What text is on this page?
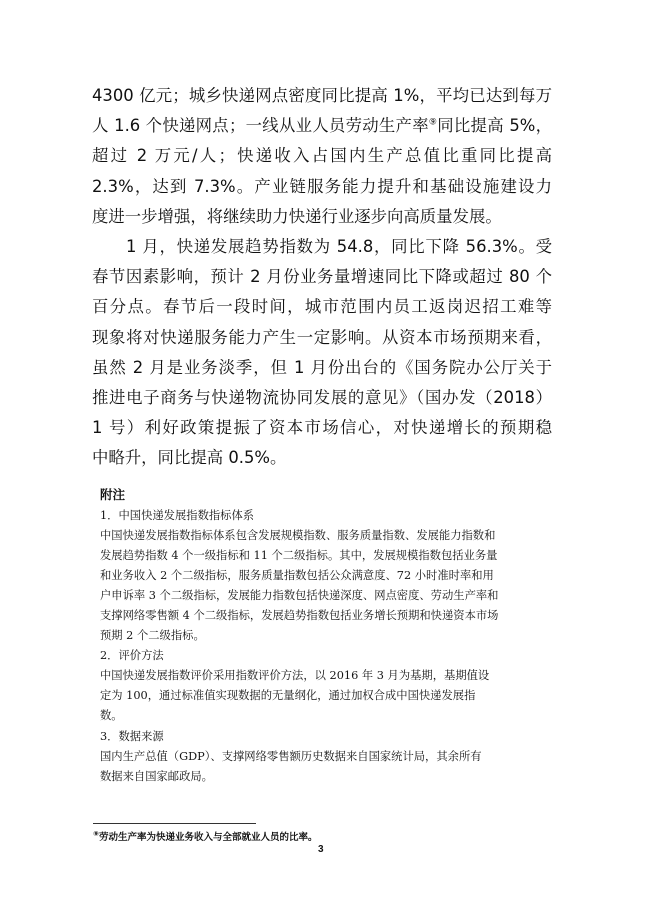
4300 亿元；城乡快递网点密度同比提高 1%，平均已达到每万

人 1.6 个快递网点；一线从业人员劳动生产率⑨同比提高 5%，

超过 2 万元/人；快递收入占国内生产总值比重同比提高

2.3%，达到 7.3%。产业链服务能力提升和基础设施建设力

度进一步增强，将继续助力快递行业逐步向高质量发展。

1 月，快递发展趋势指数为 54.8，同比下降 56.3%。受

春节因素影响，预计 2 月份业务量增速同比下降或超过 80 个

百分点。春节后一段时间，城市范围内员工返岗迟招工难等

现象将对快递服务能力产生一定影响。从资本市场预期来看，

虽然 2 月是业务淡季，但 1 月份出台的《国务院办公厅关于

推进电子商务与快递物流协同发展的意见》（国办发（2018）

1 号）利好政策提振了资本市场信心，对快递增长的预期稳

中略升，同比提高 0.5%。

附注

1．中国快递发展指数指标体系

中国快递发展指数指标体系包含发展规模指数、服务质量指数、发展能力指数和

发展趋势指数 4 个一级指标和 11 个二级指标。其中，发展规模指数包括业务量

和业务收入 2 个二级指标，服务质量指数包括公众满意度、72 小时准时率和用

户申诉率 3 个二级指标，发展能力指数包括快递深度、网点密度、劳动生产率和

支撑网络零售额 4 个二级指标，发展趋势指数包括业务增长预期和快递资本市场

预期 2 个二级指标。

2．评价方法

中国快递发展指数评价采用指数评价方法，以 2016 年 3 月为基期，基期值设

定为 100，通过标准值实现数据的无量纲化，通过加权合成中国快递发展指

数。

3．数据来源

国内生产总值（GDP）、支撑网络零售额历史数据来自国家统计局，其余所有

数据来自国家邮政局。

⑨劳动生产率为快递业务收入与全部就业人员的比率。
3
